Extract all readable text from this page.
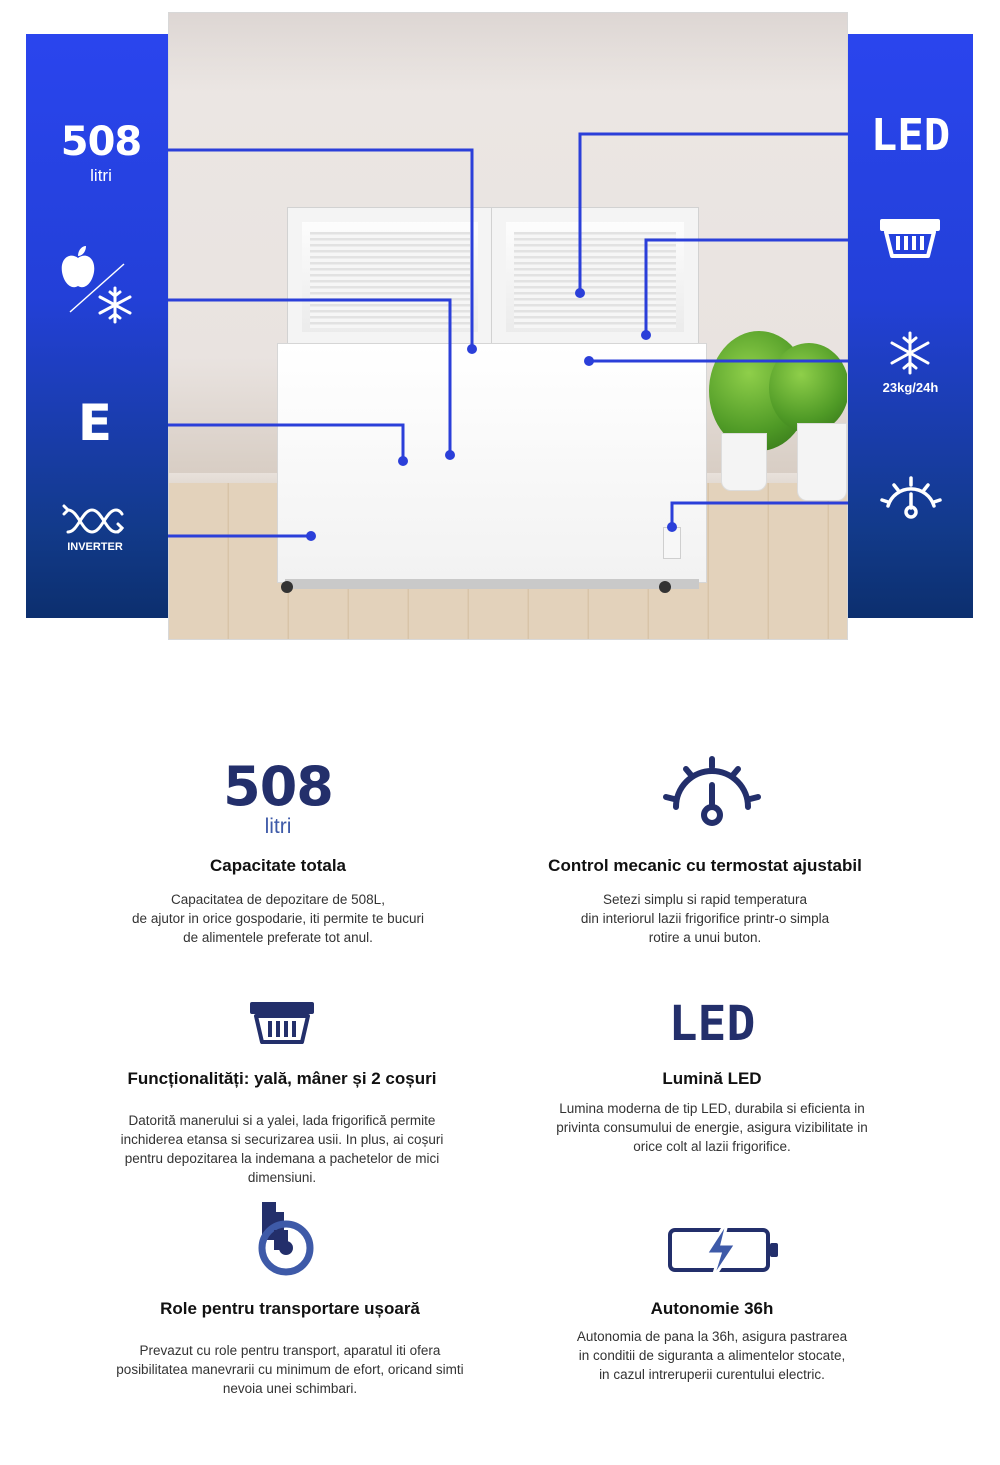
508
litri
E
INVERTER
LED
23kg/24h
508
litri
Capacitate totala
Capacitatea de depozitare de 508L,
de ajutor in orice gospodarie, iti permite te bucuri
de alimentele preferate tot anul.
Control mecanic cu termostat ajustabil
Setezi simplu si rapid temperatura
din interiorul lazii frigorifice printr-o simpla
rotire a unui buton.
Funcționalități: yală, mâner și 2 coșuri
Datorită manerului si a yalei, lada frigorifică permite
inchiderea etansa si securizarea usii. In plus, ai coșuri
pentru depozitarea la indemana a pachetelor de mici
dimensiuni.
LED
Lumină LED
Lumina moderna de tip LED, durabila si eficienta in
privinta consumului de energie, asigura vizibilitate in
orice colt al lazii frigorifice.
Role pentru transportare ușoară
Prevazut cu role pentru transport, aparatul iti ofera
posibilitatea manevrarii cu minimum de efort, oricand simti
nevoia unei schimbari.
Autonomie 36h
Autonomia de pana la 36h, asigura pastrarea
in conditii de siguranta a alimentelor stocate,
in cazul intreruperii curentului electric.
